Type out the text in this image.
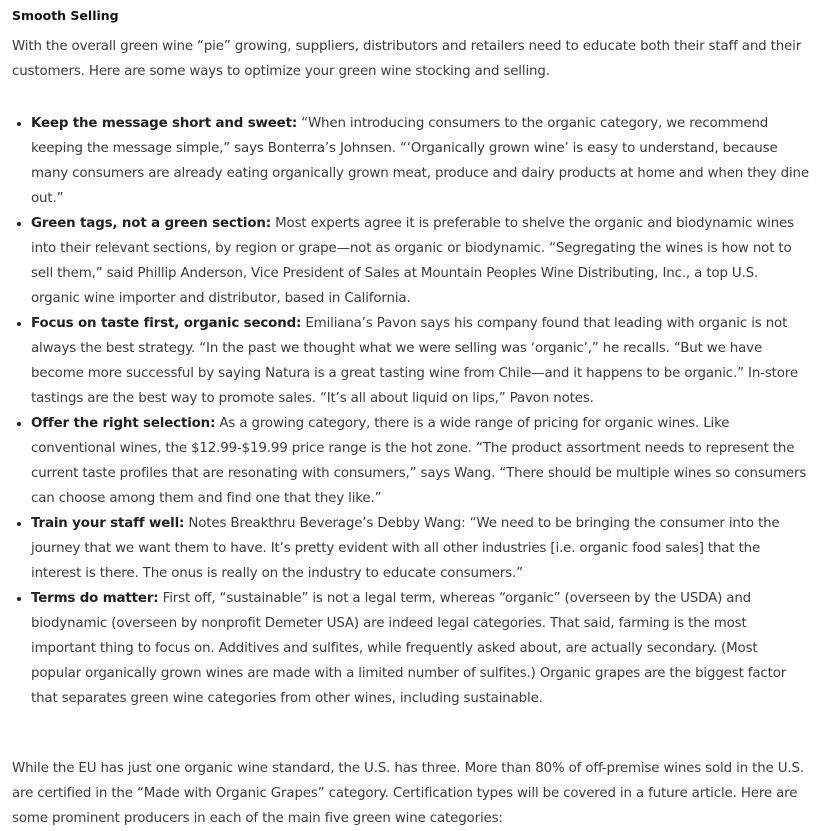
Smooth Selling

With the overall green wine “pie” growing, suppliers, distributors and retailers need to educate both their staff and their customers. Here are some ways to optimize your green wine stocking and selling.

• Keep the message short and sweet: “When introducing consumers to the organic category, we recommend keeping the message simple,” says Bonterra’s Johnsen. “‘Organically grown wine’ is easy to understand, because many consumers are already eating organically grown meat, produce and dairy products at home and when they dine out.”
• Green tags, not a green section: Most experts agree it is preferable to shelve the organic and biodynamic wines into their relevant sections, by region or grape—not as organic or biodynamic. “Segregating the wines is how not to sell them,” said Phillip Anderson, Vice President of Sales at Mountain Peoples Wine Distributing, Inc., a top U.S. organic wine importer and distributor, based in California.
• Focus on taste first, organic second: Emiliana’s Pavon says his company found that leading with organic is not always the best strategy. “In the past we thought what we were selling was ‘organic’,” he recalls. “But we have become more successful by saying Natura is a great tasting wine from Chile—and it happens to be organic.” In-store tastings are the best way to promote sales. “It’s all about liquid on lips,” Pavon notes.
• Offer the right selection: As a growing category, there is a wide range of pricing for organic wines. Like conventional wines, the $12.99-$19.99 price range is the hot zone. “The product assortment needs to represent the current taste profiles that are resonating with consumers,” says Wang. “There should be multiple wines so consumers can choose among them and find one that they like.”
• Train your staff well: Notes Breakthru Beverage’s Debby Wang: “We need to be bringing the consumer into the journey that we want them to have. It’s pretty evident with all other industries [i.e. organic food sales] that the interest is there. The onus is really on the industry to educate consumers.”
• Terms do matter: First off, “sustainable” is not a legal term, whereas “organic” (overseen by the USDA) and biodynamic (overseen by nonprofit Demeter USA) are indeed legal categories. That said, farming is the most important thing to focus on. Additives and sulfites, while frequently asked about, are actually secondary. (Most popular organically grown wines are made with a limited number of sulfites.) Organic grapes are the biggest factor that separates green wine categories from other wines, including sustainable.

While the EU has just one organic wine standard, the U.S. has three. More than 80% of off-premise wines sold in the U.S. are certified in the “Made with Organic Grapes” category. Certification types will be covered in a future article. Here are some prominent producers in each of the main five green wine categories:
